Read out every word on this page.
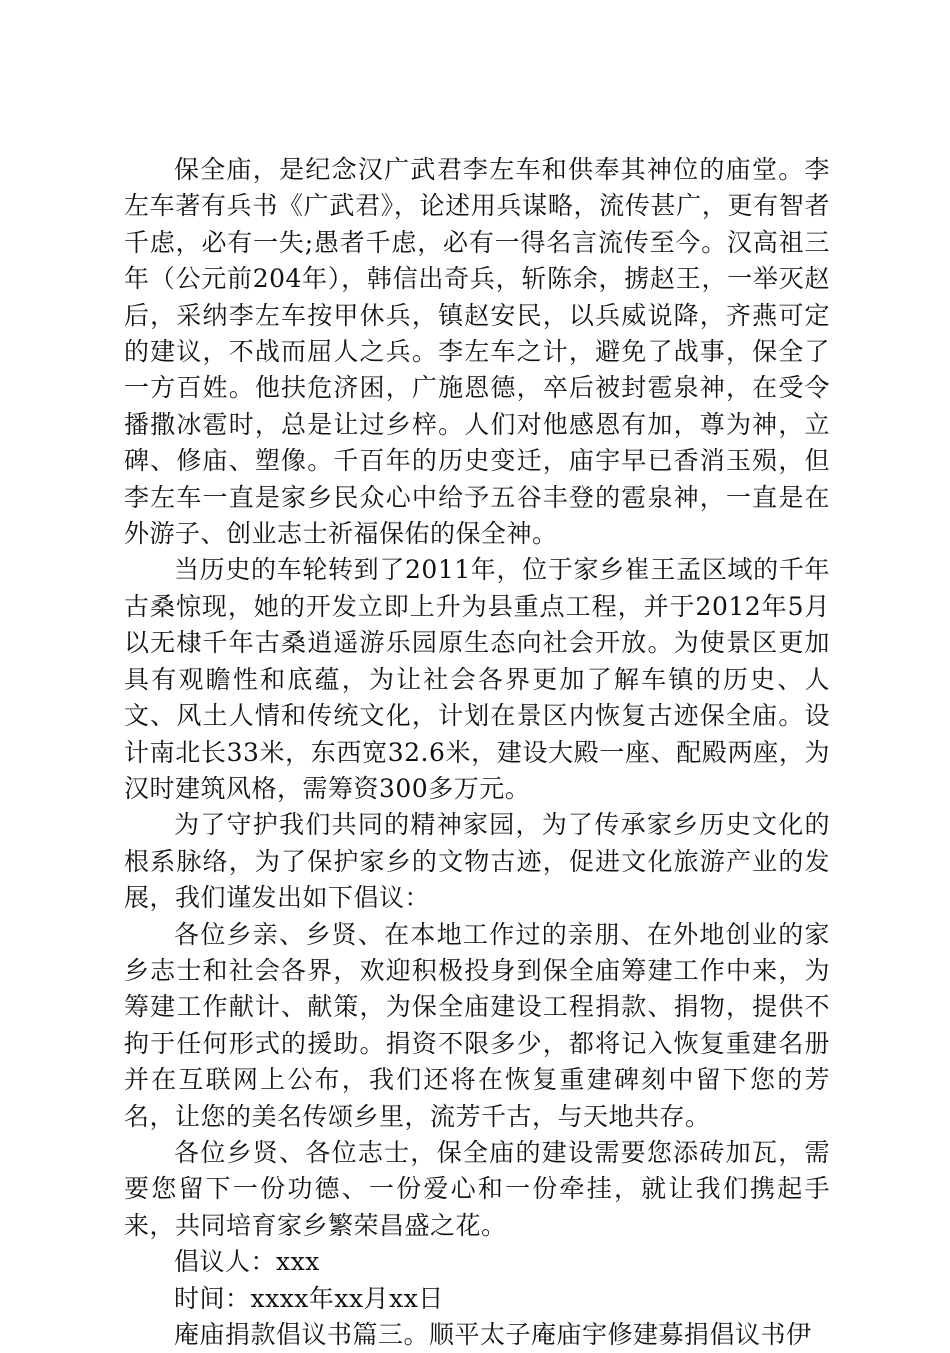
保全庙，是纪念汉广武君李左车和供奉其神位的庙堂。李左车著有兵书《广武君》，论述用兵谋略，流传甚广，更有智者千虑，必有一失;愚者千虑，必有一得名言流传至今。汉高祖三年（公元前204年），韩信出奇兵，斩陈余，掳赵王，一举灭赵后，采纳李左车按甲休兵，镇赵安民，以兵威说降，齐燕可定的建议，不战而屈人之兵。李左车之计，避免了战事，保全了一方百姓。他扶危济困，广施恩德，卒后被封雹泉神，在受令播撒冰雹时，总是让过乡梓。人们对他感恩有加，尊为神，立碑、修庙、塑像。千百年的历史变迁，庙宇早已香消玉殒，但李左车一直是家乡民众心中给予五谷丰登的雹泉神，一直是在外游子、创业志士祈福保佑的保全神。

当历史的车轮转到了2011年，位于家乡崔王孟区域的千年古桑惊现，她的开发立即上升为县重点工程，并于2012年5月以无棣千年古桑逍遥游乐园原生态向社会开放。为使景区更加具有观瞻性和底蕴，为让社会各界更加了解车镇的历史、人文、风土人情和传统文化，计划在景区内恢复古迹保全庙。设计南北长33米，东西宽32.6米，建设大殿一座、配殿两座，为汉时建筑风格，需筹资300多万元。

为了守护我们共同的精神家园，为了传承家乡历史文化的根系脉络，为了保护家乡的文物古迹，促进文化旅游产业的发展，我们谨发出如下倡议：

各位乡亲、乡贤、在本地工作过的亲朋、在外地创业的家乡志士和社会各界，欢迎积极投身到保全庙筹建工作中来，为筹建工作献计、献策，为保全庙建设工程捐款、捐物，提供不拘于任何形式的援助。捐资不限多少，都将记入恢复重建名册并在互联网上公布，我们还将在恢复重建碑刻中留下您的芳名，让您的美名传颂乡里，流芳千古，与天地共存。

各位乡贤、各位志士，保全庙的建设需要您添砖加瓦，需要您留下一份功德、一份爱心和一份牵挂，就让我们携起手来，共同培育家乡繁荣昌盛之花。

倡议人：xxx

时间：xxxx年xx月xx日

庵庙捐款倡议书篇三。顺平太子庵庙宇修建募捐倡议书伊
